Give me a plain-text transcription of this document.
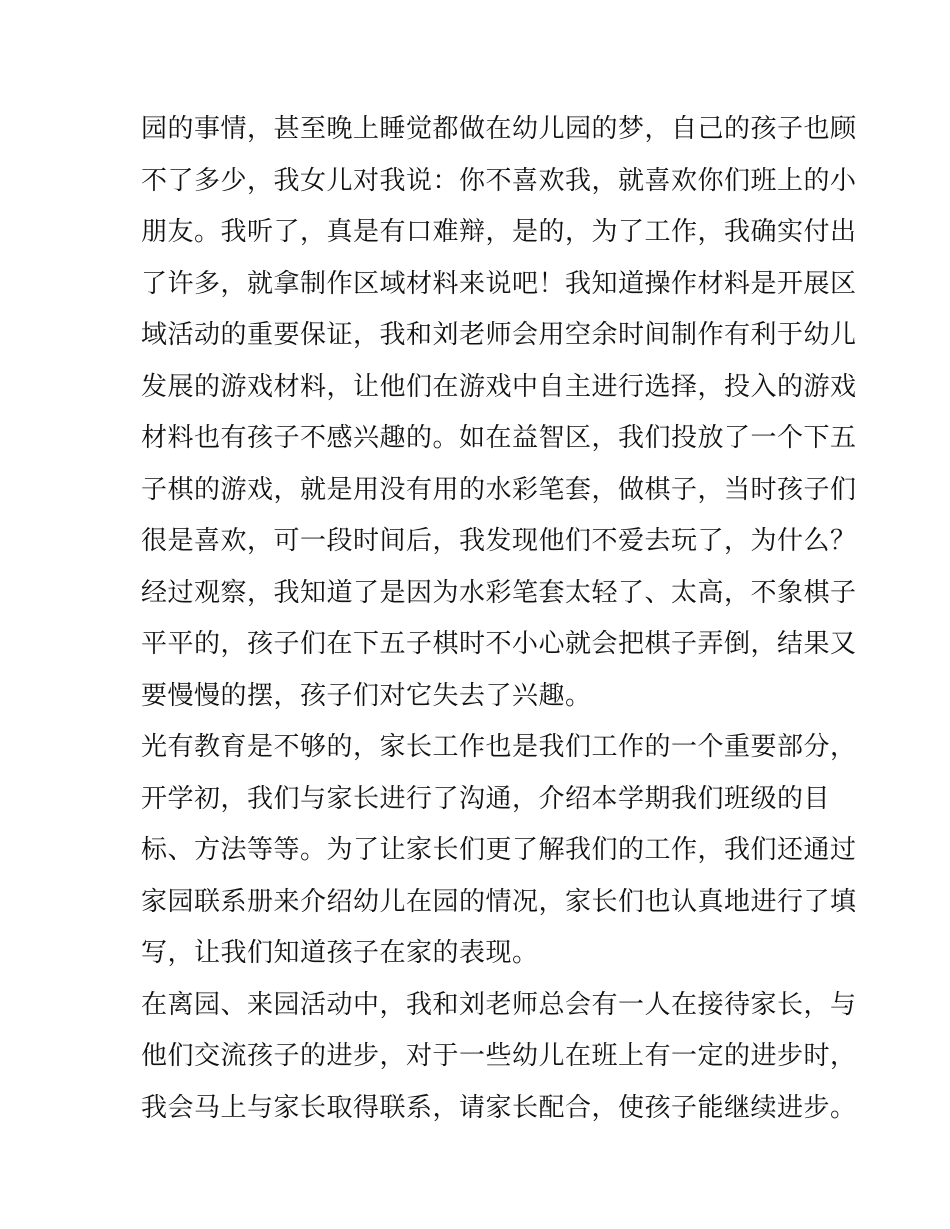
园的事情，甚至晚上睡觉都做在幼儿园的梦，自己的孩子也顾
不了多少，我女儿对我说：你不喜欢我，就喜欢你们班上的小
朋友。我听了，真是有口难辩，是的，为了工作，我确实付出
了许多，就拿制作区域材料来说吧！我知道操作材料是开展区
域活动的重要保证，我和刘老师会用空余时间制作有利于幼儿
发展的游戏材料，让他们在游戏中自主进行选择，投入的游戏
材料也有孩子不感兴趣的。如在益智区，我们投放了一个下五
子棋的游戏，就是用没有用的水彩笔套，做棋子，当时孩子们
很是喜欢，可一段时间后，我发现他们不爱去玩了，为什么？
经过观察，我知道了是因为水彩笔套太轻了、太高，不象棋子
平平的，孩子们在下五子棋时不小心就会把棋子弄倒，结果又
要慢慢的摆，孩子们对它失去了兴趣。
光有教育是不够的，家长工作也是我们工作的一个重要部分，
开学初，我们与家长进行了沟通，介绍本学期我们班级的目
标、方法等等。为了让家长们更了解我们的工作，我们还通过
家园联系册来介绍幼儿在园的情况，家长们也认真地进行了填
写，让我们知道孩子在家的表现。
在离园、来园活动中，我和刘老师总会有一人在接待家长，与
他们交流孩子的进步，对于一些幼儿在班上有一定的进步时，
我会马上与家长取得联系，请家长配合，使孩子能继续进步。
